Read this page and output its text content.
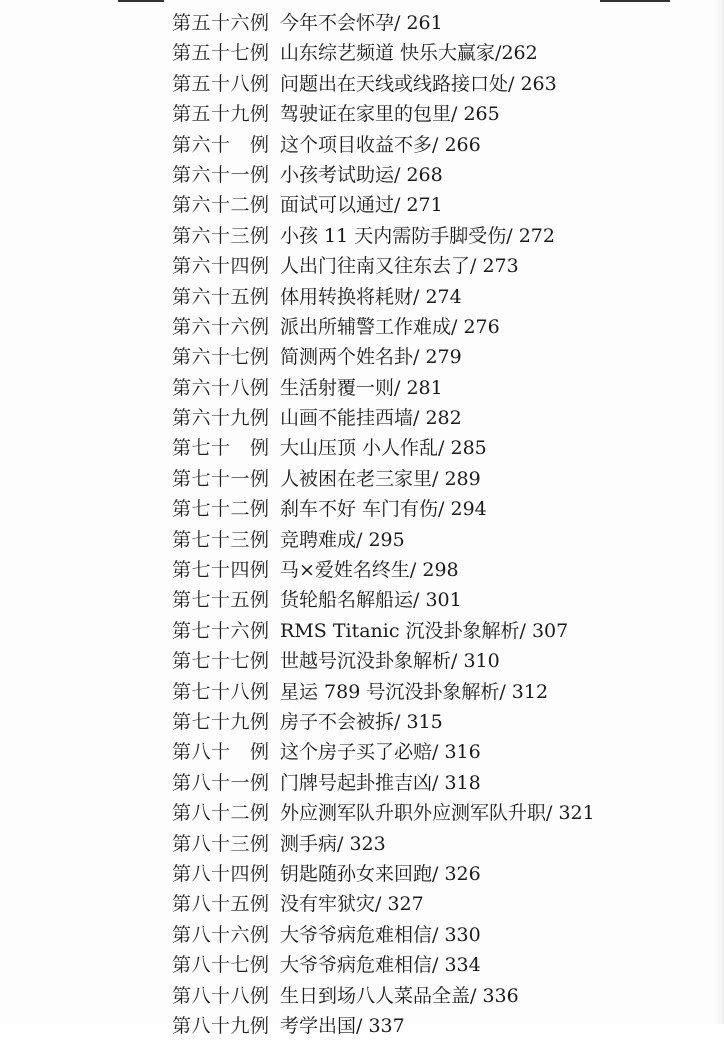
第五十六例 今年不会怀孕/ 261
第五十七例 山东综艺频道 快乐大赢家/262
第五十八例 问题出在天线或线路接口处/ 263
第五十九例 驾驶证在家里的包里/ 265
第六十　例 这个项目收益不多/ 266
第六十一例 小孩考试助运/ 268
第六十二例 面试可以通过/ 271
第六十三例 小孩 11 天内需防手脚受伤/ 272
第六十四例 人出门往南又往东去了/ 273
第六十五例 体用转换将耗财/ 274
第六十六例 派出所辅警工作难成/ 276
第六十七例 简测两个姓名卦/ 279
第六十八例 生活射覆一则/ 281
第六十九例 山画不能挂西墙/ 282
第七十　例 大山压顶 小人作乱/ 285
第七十一例 人被困在老三家里/ 289
第七十二例 刹车不好 车门有伤/ 294
第七十三例 竞聘难成/ 295
第七十四例 马×爱姓名终生/ 298
第七十五例 货轮船名解船运/ 301
第七十六例 RMS Titanic 沉没卦象解析/ 307
第七十七例 世越号沉没卦象解析/ 310
第七十八例 星运 789 号沉没卦象解析/ 312
第七十九例 房子不会被拆/ 315
第八十　例 这个房子买了必赔/ 316
第八十一例 门牌号起卦推吉凶/ 318
第八十二例 外应测军队升职外应测军队升职/ 321
第八十三例 测手病/ 323
第八十四例 钥匙随孙女来回跑/ 326
第八十五例 没有牢狱灾/ 327
第八十六例 大爷爷病危难相信/ 330
第八十七例 大爷爷病危难相信/ 334
第八十八例 生日到场八人菜品全盖/ 336
第八十九例 考学出国/ 337
